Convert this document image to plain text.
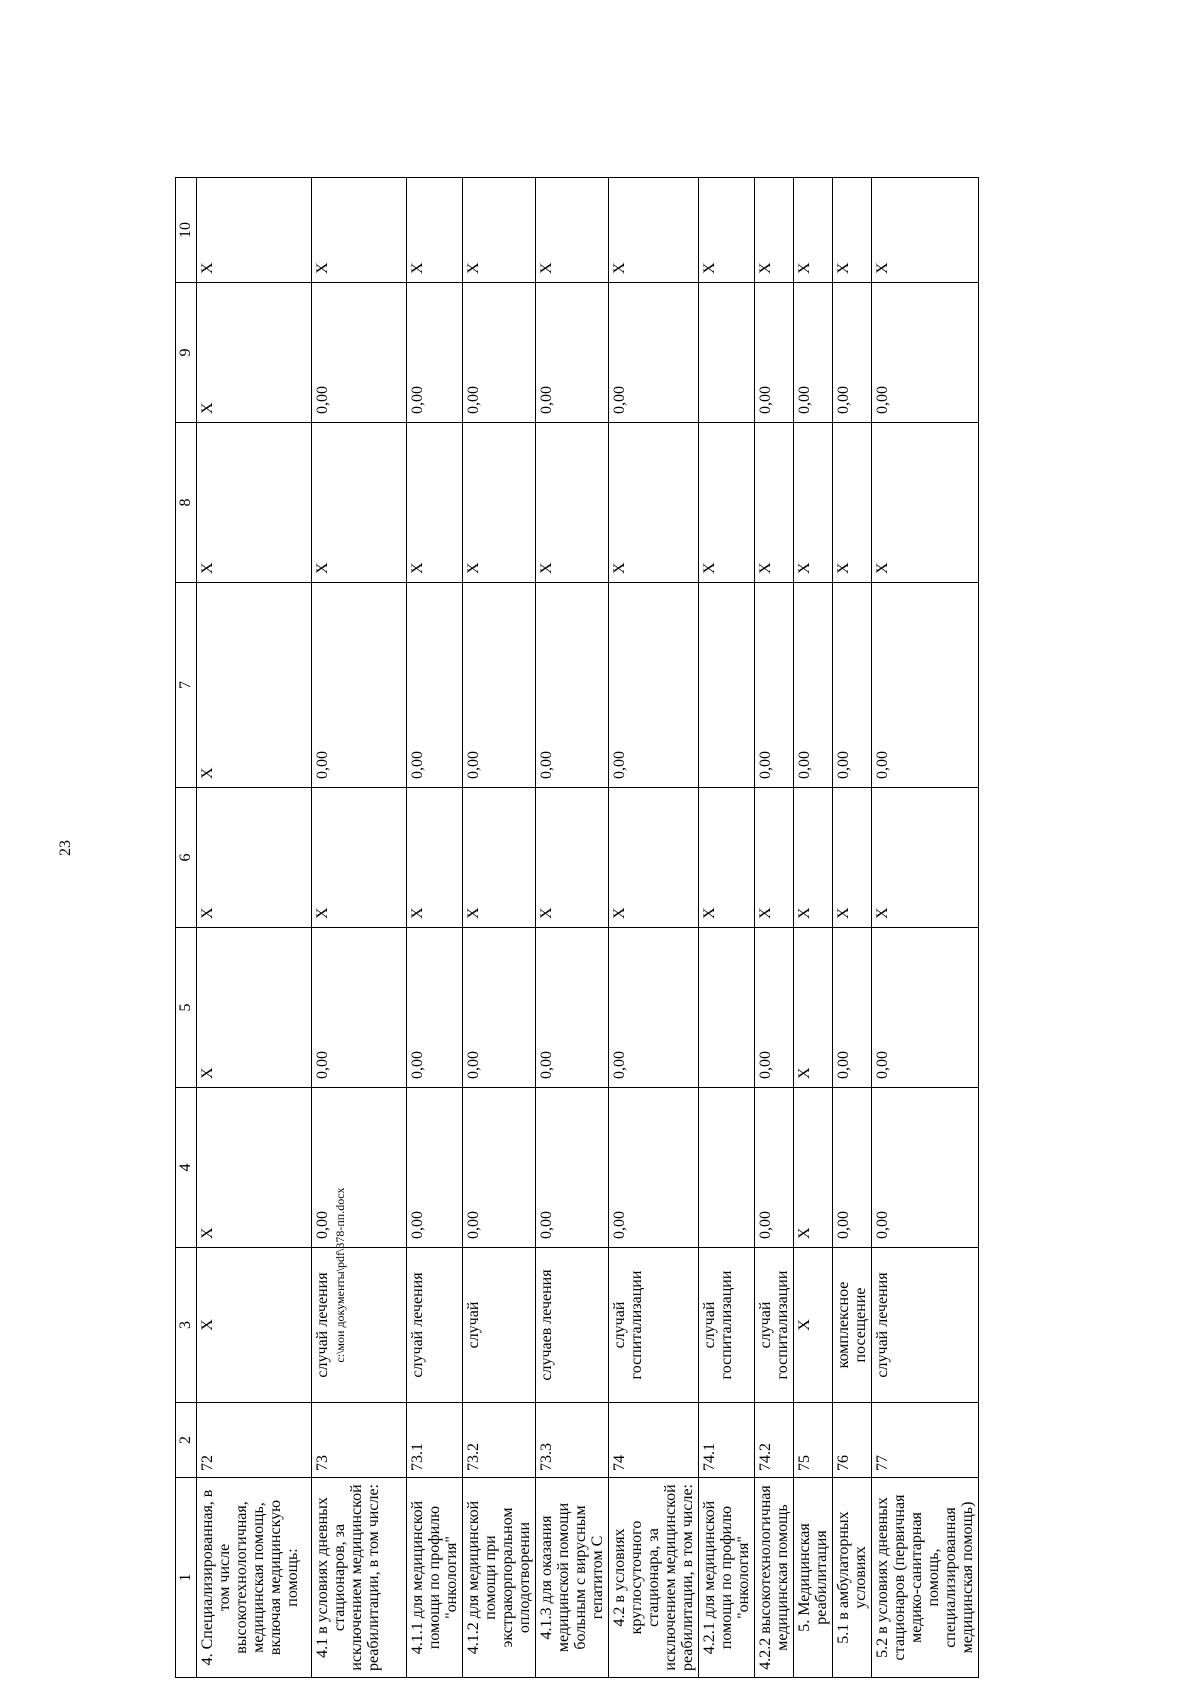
23
1	2	3	4	5	6	7	8	9	10
4. Специализированная, в том числе высокотехнологичная, медицинская помощь, включая медицинскую помощь:	72	X	X	X	X	X	X	X	X
4.1 в условиях дневных стационаров, за исключением медицинской реабилитации, в том числе:	73	случай лечения	0,00	0,00	X	0,00	X	0,00	X
4.1.1 для медицинской помощи по профилю "онкология"	73.1	случай лечения	0,00	0,00	X	0,00	X	0,00	X
4.1.2 для медицинской помощи при экстракорпоральном оплодотворении	73.2	случай	0,00	0,00	X	0,00	X	0,00	X
4.1.3 для оказания медицинской помощи больным с вирусным гепатитом С	73.3	случаев лечения	0,00	0,00	X	0,00	X	0,00	X
4.2 в условиях круглосуточного стационара, за исключением медицинской реабилитации, в том числе:	74	случай госпитализации	0,00	0,00	X	0,00	X	0,00	X
4.2.1 для медицинской помощи по профилю "онкология"	74.1	случай госпитализации			X		X		X
4.2.2 высокотехнологичная медицинская помощь	74.2	случай госпитализации	0,00	0,00	X	0,00	X	0,00	X
5. Медицинская реабилитация	75	X	X	X	X	0,00	X	0,00	X
5.1 в амбулаторных условиях	76	комплексное посещение	0,00	0,00	X	0,00	X	0,00	X
5.2 в условиях дневных стационаров (первичная медико-санитарная помощь, специализированная медицинская помощь)	77	случай лечения	0,00	0,00	X	0,00	X	0,00	X
c:\мои документы\pdf\378-пп.docx
